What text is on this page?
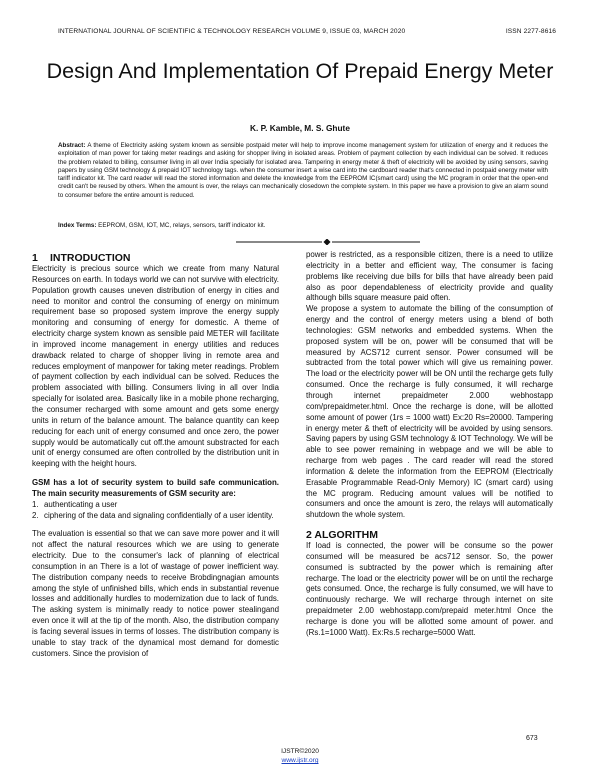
INTERNATIONAL JOURNAL OF SCIENTIFIC & TECHNOLOGY RESEARCH VOLUME 9, ISSUE 03, MARCH 2020	ISSN 2277-8616
Design And Implementation Of Prepaid Energy Meter
K. P. Kamble, M. S. Ghute
Abstract: A theme of Electricity asking system known as sensible postpaid meter will help to improve income management system for utilization of energy and it reduces the exploitation of man power for taking meter readings and asking for shopper living in isolated areas. Problem of payment collection by each individual can be solved. It reduces the problem related to billing, consumer living in all over India specially for isolated area. Tampering in energy meter & theft of electricity will be avoided by using sensors, saving papers by using GSM technology & prepaid IOT technology tags. when the consumer insert a wise card into the cardboard reader that's connected in postpaid energy meter with tariff indicator kit. The card reader will read the stored information and delete the knowledge from the EEPROM IC(smart card) using the MC program in order that the open-end credit can't be reused by others. When the amount is over, the relays can mechanically closedown the complete system. In this paper we have a provision to give an alarm sound to consumer before the entire amount is reduced.
Index Terms: EEPROM, GSM, IOT, MC, relays, sensors, tariff indicator kit.
1 INTRODUCTION

Electricity is precious source which we create from many Natural Resources on earth. In todays world we can not survive with electricity. Population growth causes uneven distribution of energy in cities and need to monitor and control the consuming of energy on minimum requirement base so proposed system improve the energy supply monitoring and consuming of energy for domestic. A theme of electricity charge system known as sensible paid METER will facilitate in improved income management in energy utilities and reduces drawback related to charge of shopper living in remote area and reduces employment of manpower for taking meter readings. Problem of payment collection by each individual can be solved. Reduces the problem associated with billing. Consumers living in all over India specially for isolated area. Basically like in a mobile phone recharging, the consumer recharged with some amount and gets some energy units in return of the balance amount. The balance quantity can keep reducing for each unit of energy consumed and once zero, the power supply would be automatically cut off.the amount substracted for each unit of energy consumed are often controlled by the distribution unit in keeping with the height hours.

GSM has a lot of security system to build safe communication. The main security measurements of GSM security are:

1. authenticating a user
2. ciphering of the data and signaling confidentially of a user identity.

The evaluation is essential so that we can save more power and it will not affect the natural resources which we are using to generate electricity. Due to the consumer's lack of planning of electrical consumption in an There is a lot of wastage of power inefficient way. The distribution company needs to receive Brobdingnagian amounts among the style of unfinished bills, which ends in substantial revenue losses and additionally hurdles to modernization due to lack of funds. The asking system is minimally ready to notice power stealingand even once it will at the tip of the month. Also, the distribution company is facing several issues in terms of losses. The distribution company is unable to stay track of the dynamical most demand for domestic customers. Since the provision of

power is restricted, as a responsible citizen, there is a need to utilize electricity in a better and efficient way, The consumer is facing problems like receiving due bills for bills that have already been paid also as poor dependableness of electricity provide and quality although bills square measure paid often.

We propose a system to automate the billing of the consumption of energy and the control of energy meters using a blend of both technologies: GSM networks and embedded systems. When the proposed system will be on, power will be consumed that will be measured by ACS712 current sensor. Power consumed will be subtracted from the total power which will give us remaining power. The load or the electricity power will be ON until the recharge gets fully consumed. Once the recharge is fully consumed, it will recharge through internet prepaidmeter 2.000 webhostapp com/prepaidmeter.html. Once the recharge is done, will be allotted some amount of power (1rs = 1000 watt) Ex:20 Rs=20000. Tampering in energy meter & theft of electricity will be avoided by using sensors. Saving papers by using GSM technology & IOT Technology. We will be able to see power remaining in webpage and we will be able to recharge from web pages . The card reader will read the stored information & delete the information from the EEPROM (Electrically Erasable Programmable Read-Only Memory) IC (smart card) using the MC program. Reducing amount values will be notified to consumers and once the amount is zero, the relays will automatically shutdown the whole system.

2 ALGORITHM

If load is connected, the power will be consume so the power consumed will be measured be acs712 sensor. So, the power consumed is subtracted by the power which is remaining after recharge. The load or the electricity power will be on until the recharge gets consumed. Once, the recharge is fully consumed, we will have to continuously recharge. We will recharge through internet on site prepaidmeter 2.00 webhostapp.com/prepaid meter.html Once the recharge is done you will be allotted some amount of power. and (Rs.1=1000 Watt). Ex:Rs.5 recharge=5000 Watt.

673
IJSTR©2020
www.ijstr.org
